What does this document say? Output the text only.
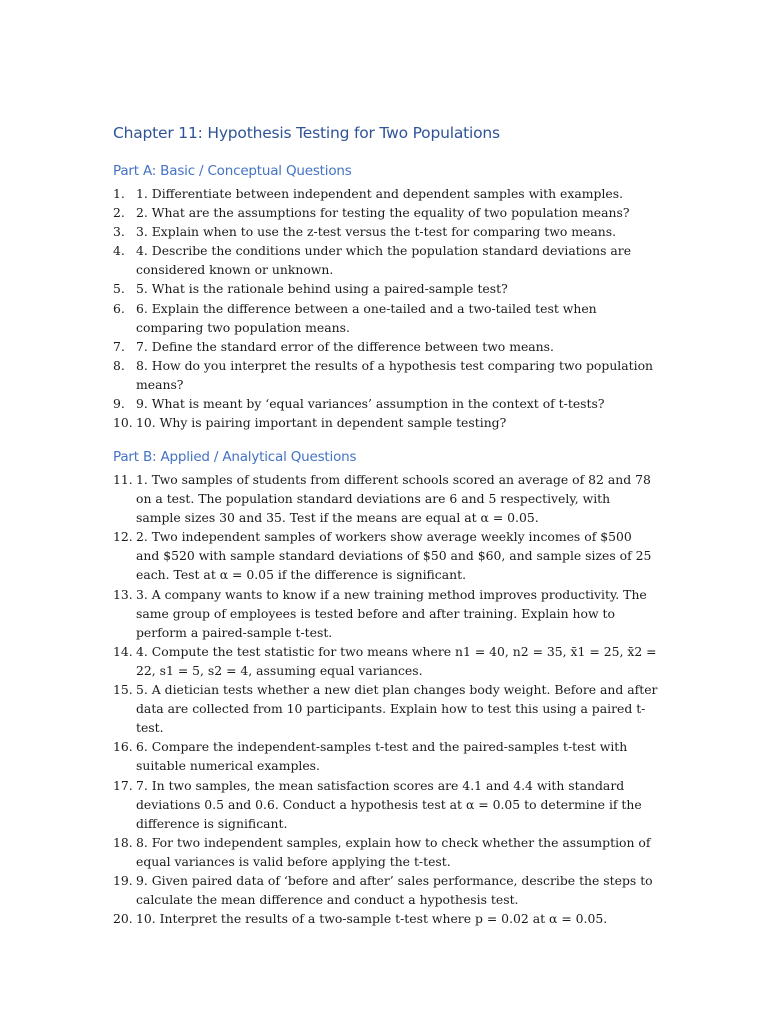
Chapter 11: Hypothesis Testing for Two Populations
Part A: Basic / Conceptual Questions
1. 1. Differentiate between independent and dependent samples with examples.
2. 2. What are the assumptions for testing the equality of two population means?
3. 3. Explain when to use the z-test versus the t-test for comparing two means.
4. 4. Describe the conditions under which the population standard deviations are considered known or unknown.
5. 5. What is the rationale behind using a paired-sample test?
6. 6. Explain the difference between a one-tailed and a two-tailed test when comparing two population means.
7. 7. Define the standard error of the difference between two means.
8. 8. How do you interpret the results of a hypothesis test comparing two population means?
9. 9. What is meant by ‘equal variances’ assumption in the context of t-tests?
10. 10. Why is pairing important in dependent sample testing?
Part B: Applied / Analytical Questions
11. 1. Two samples of students from different schools scored an average of 82 and 78 on a test. The population standard deviations are 6 and 5 respectively, with sample sizes 30 and 35. Test if the means are equal at α = 0.05.
12. 2. Two independent samples of workers show average weekly incomes of $500 and $520 with sample standard deviations of $50 and $60, and sample sizes of 25 each. Test at α = 0.05 if the difference is significant.
13. 3. A company wants to know if a new training method improves productivity. The same group of employees is tested before and after training. Explain how to perform a paired-sample t-test.
14. 4. Compute the test statistic for two means where n1 = 40, n2 = 35, x̄1 = 25, x̄2 = 22, s1 = 5, s2 = 4, assuming equal variances.
15. 5. A dietician tests whether a new diet plan changes body weight. Before and after data are collected from 10 participants. Explain how to test this using a paired t-test.
16. 6. Compare the independent-samples t-test and the paired-samples t-test with suitable numerical examples.
17. 7. In two samples, the mean satisfaction scores are 4.1 and 4.4 with standard deviations 0.5 and 0.6. Conduct a hypothesis test at α = 0.05 to determine if the difference is significant.
18. 8. For two independent samples, explain how to check whether the assumption of equal variances is valid before applying the t-test.
19. 9. Given paired data of ‘before and after’ sales performance, describe the steps to calculate the mean difference and conduct a hypothesis test.
20. 10. Interpret the results of a two-sample t-test where p = 0.02 at α = 0.05.
